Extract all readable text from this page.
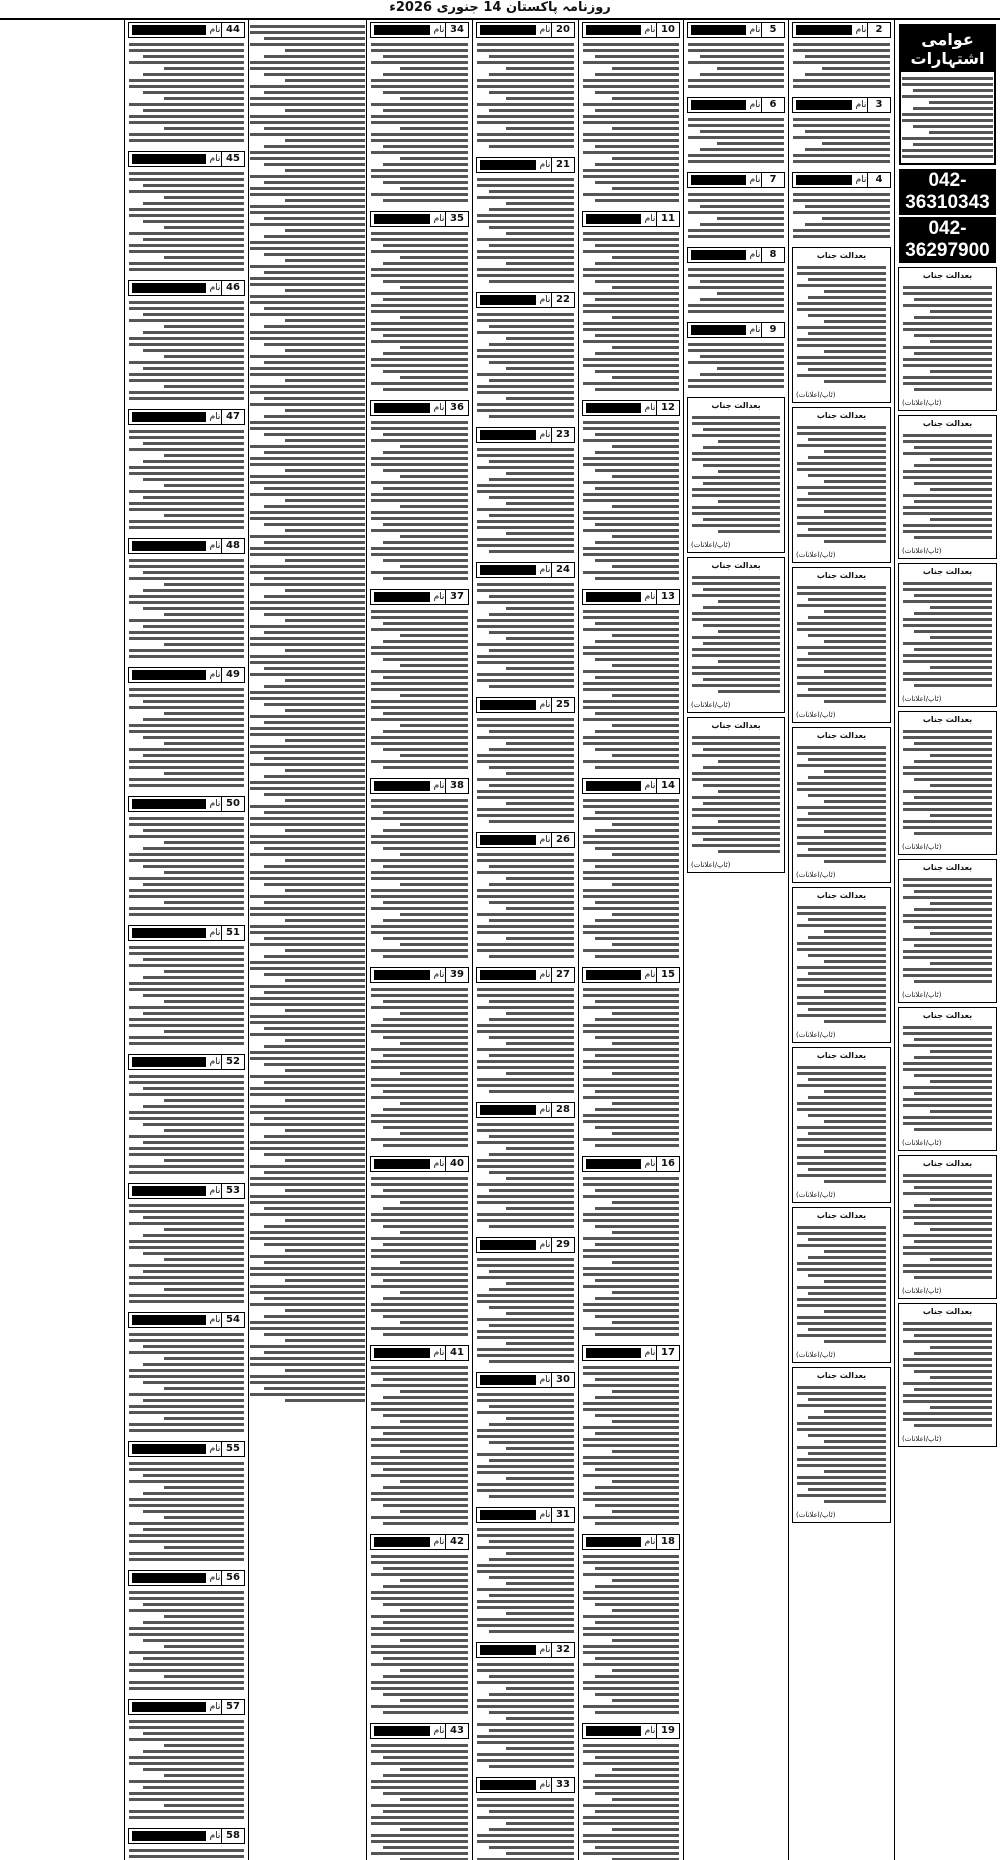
روزنامہ پاکستان 14 جنوری 2026ء
عوامی اشتہارات
042-36310343
042-36297900
بعدالت جناب
(ٹاپ/اعلانات)
بعدالت جناب
(ٹاپ/اعلانات)
بعدالت جناب
(ٹاپ/اعلانات)
بعدالت جناب
(ٹاپ/اعلانات)
بعدالت جناب
(ٹاپ/اعلانات)
بعدالت جناب
(ٹاپ/اعلانات)
بعدالت جناب
(ٹاپ/اعلانات)
بعدالت جناب
(ٹاپ/اعلانات)
2
نام
3
نام
4
نام
بعدالت جناب
(ٹاپ/اعلانات)
بعدالت جناب
(ٹاپ/اعلانات)
بعدالت جناب
(ٹاپ/اعلانات)
بعدالت جناب
(ٹاپ/اعلانات)
بعدالت جناب
(ٹاپ/اعلانات)
بعدالت جناب
(ٹاپ/اعلانات)
بعدالت جناب
(ٹاپ/اعلانات)
بعدالت جناب
(ٹاپ/اعلانات)
5
نام
6
نام
7
نام
8
نام
9
نام
بعدالت جناب
(ٹاپ/اعلانات)
بعدالت جناب
(ٹاپ/اعلانات)
بعدالت جناب
(ٹاپ/اعلانات)
10
نام
11
نام
12
نام
13
نام
14
نام
15
نام
16
نام
17
نام
18
نام
19
نام
20
نام
21
نام
22
نام
23
نام
24
نام
25
نام
26
نام
27
نام
28
نام
29
نام
30
نام
31
نام
32
نام
33
نام
34
نام
35
نام
36
نام
37
نام
38
نام
39
نام
40
نام
41
نام
42
نام
43
نام
44
نام
45
نام
46
نام
47
نام
48
نام
49
نام
50
نام
51
نام
52
نام
53
نام
54
نام
55
نام
56
نام
57
نام
58
نام
